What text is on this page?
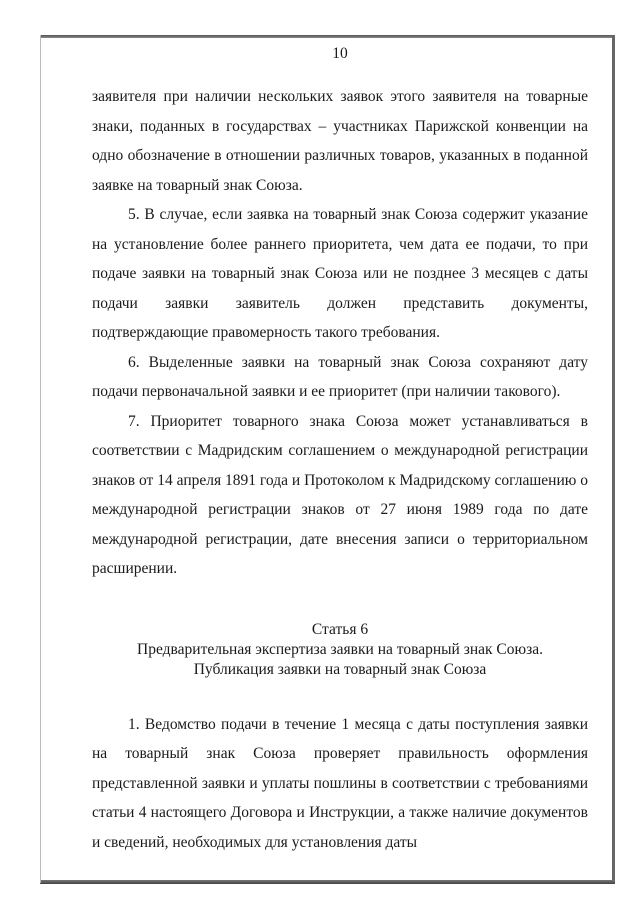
10

заявителя при наличии нескольких заявок этого заявителя на товарные знаки, поданных в государствах – участниках Парижской конвенции на одно обозначение в отношении различных товаров, указанных в поданной заявке на товарный знак Союза.

5. В случае, если заявка на товарный знак Союза содержит указание на установление более раннего приоритета, чем дата ее подачи, то при подаче заявки на товарный знак Союза или не позднее 3 месяцев с даты подачи заявки заявитель должен представить документы, подтверждающие правомерность такого требования.

6. Выделенные заявки на товарный знак Союза сохраняют дату подачи первоначальной заявки и ее приоритет (при наличии такового).

7. Приоритет товарного знака Союза может устанавливаться в соответствии с Мадридским соглашением о международной регистрации знаков от 14 апреля 1891 года и Протоколом к Мадридскому соглашению о международной регистрации знаков от 27 июня 1989 года по дате международной регистрации, дате внесения записи о территориальном расширении.

Статья 6
Предварительная экспертиза заявки на товарный знак Союза.
Публикация заявки на товарный знак Союза

1. Ведомство подачи в течение 1 месяца с даты поступления заявки на товарный знак Союза проверяет правильность оформления представленной заявки и уплаты пошлины в соответствии с требованиями статьи 4 настоящего Договора и Инструкции, а также наличие документов и сведений, необходимых для установления даты
